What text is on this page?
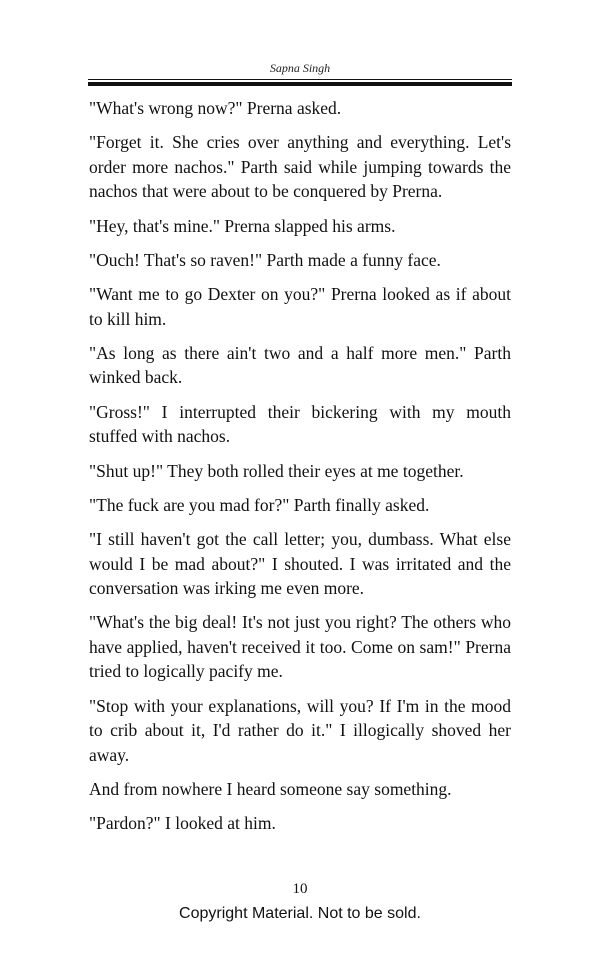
Sapna Singh

"What's wrong now?" Prerna asked.

"Forget it. She cries over anything and everything. Let's order more nachos." Parth said while jumping towards the nachos that were about to be conquered by Prerna.

"Hey, that's mine." Prerna slapped his arms.

"Ouch! That's so raven!" Parth made a funny face.

"Want me to go Dexter on you?" Prerna looked as if about to kill him.

"As long as there ain't two and a half more men." Parth winked back.

"Gross!" I interrupted their bickering with my mouth stuffed with nachos.

"Shut up!" They both rolled their eyes at me together.

"The fuck are you mad for?" Parth finally asked.

"I still haven't got the call letter; you, dumbass. What else would I be mad about?" I shouted. I was irritated and the conversation was irking me even more.

"What's the big deal! It's not just you right? The others who have applied, haven't received it too. Come on sam!" Prerna tried to logically pacify me.

"Stop with your explanations, will you? If I'm in the mood to crib about it, I'd rather do it." I illogically shoved her away.

And from nowhere I heard someone say something.

"Pardon?" I looked at him.

10
Copyright Material. Not to be sold.
